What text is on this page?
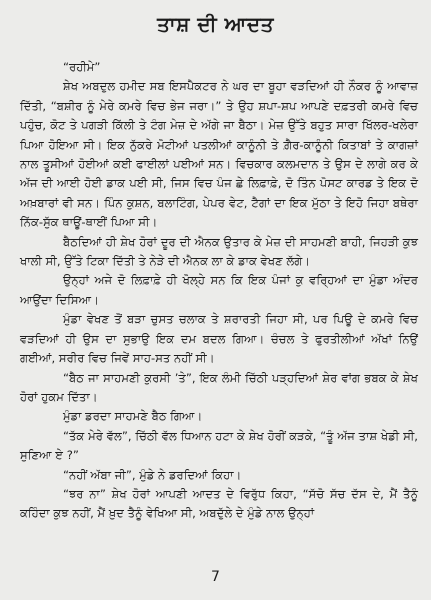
ਤਾਸ਼ ਦੀ ਆਦਤ

“ਰਹੀਮੇ”

ਸ਼ੇਖ ਅਬਦੁਲ ਹਮੀਦ ਸਬ ਇਸਪੈਕਟਰ ਨੇ ਘਰ ਦਾ ਬੂਹਾ ਵੜਦਿਆਂ ਹੀ ਨੌਕਰ ਨੂੰ ਆਵਾਜ਼ ਦਿੱਤੀ, “ਬਸ਼ੀਰ ਨੂੰ ਮੇਰੇ ਕਮਰੇ ਵਿਚ ਭੇਜ ਜਰਾ।” ਤੇ ਉਹ ਸ਼ਪਾ-ਸ਼ਪ ਆਪਣੇ ਦਫ਼ਤਰੀ ਕਮਰੇ ਵਿਚ ਪਹੁੰਚ, ਕੋਟ ਤੇ ਪਗੜੀ ਕਿੱਲੀ ਤੇ ਟੰਗ ਮੇਜ਼ ਦੇ ਅੱਗੇ ਜਾ ਬੈਠਾ। ਮੇਜ਼ ਉੱਤੇ ਬਹੁਤ ਸਾਰਾ ਖਿੱਲਰ-ਖਲੇਰਾ ਪਿਆ ਹੋਇਆ ਸੀ। ਇਕ ਨੁੱਕਰੇ ਮੋਟੀਆਂ ਪਤਲੀਆਂ ਕਾਨੂੰਨੀ ਤੇ ਗ਼ੈਰ-ਕਾਨੂੰਨੀ ਕਿਤਾਬਾਂ ਤੇ ਕਾਗਜ਼ਾਂ ਨਾਲ ਤੂਸੀਆਂ ਹੋਈਆਂ ਕਈ ਫਾਈਲਾਂ ਪਈਆਂ ਸਨ। ਵਿਚਕਾਰ ਕਲਮਦਾਨ ਤੇ ਉਸ ਦੇ ਲਾਗੇ ਕਰ ਕੇ ਅੱਜ ਦੀ ਆਈ ਹੋਈ ਡਾਕ ਪਈ ਸੀ, ਜਿਸ ਵਿਚ ਪੰਜ ਛੇ ਲਿਫ਼ਾਫ਼ੇ, ਦੋ ਤਿੰਨ ਪੋਸਟ ਕਾਰਡ ਤੇ ਇਕ ਦੋ ਅਖ਼ਬਾਰਾਂ ਵੀ ਸਨ। ਪਿੰਨ ਕੁਸ਼ਨ, ਬਲਾਟਿੰਗ, ਪੇਪਰ ਵੇਟ, ਟੈਗਾਂ ਦਾ ਇਕ ਮੁੱਠਾ ਤੇ ਇਹੋ ਜਿਹਾ ਬਥੇਰਾ ਨਿੱਕ-ਸੁੱਕ ਥਾਊਂ-ਥਾਈਂ ਪਿਆ ਸੀ।

ਬੈਠਦਿਆਂ ਹੀ ਸ਼ੇਖ ਹੋਰਾਂ ਦੂਰ ਦੀ ਐਨਕ ਉਤਾਰ ਕੇ ਮੇਜ਼ ਦੀ ਸਾਹਮਣੀ ਬਾਹੀ, ਜਿਹੜੀ ਕੁਝ ਖਾਲੀ ਸੀ, ਉੱਤੇ ਟਿਕਾ ਦਿੱਤੀ ਤੇ ਨੇੜੇ ਦੀ ਐਨਕ ਲਾ ਕੇ ਡਾਕ ਵੇਖਣ ਲੱਗੇ।

ਉਨ੍ਹਾਂ ਅਜੇ ਦੋ ਲਿਫ਼ਾਫ਼ੇ ਹੀ ਖੋਲ੍ਹੇ ਸਨ ਕਿ ਇਕ ਪੰਜਾਂ ਕੁ ਵਰ੍ਹਿਆਂ ਦਾ ਮੁੰਡਾ ਅੰਦਰ ਆਉਂਦਾ ਦਿਸਿਆ।

ਮੁੰਡਾ ਵੇਖਣ ਤੋਂ ਬੜਾ ਚੁਸਤ ਚਲਾਕ ਤੇ ਸ਼ਰਾਰਤੀ ਜਿਹਾ ਸੀ, ਪਰ ਪਿਊ ਦੇ ਕਮਰੇ ਵਿਚ ਵੜਦਿਆਂ ਹੀ ਉਸ ਦਾ ਸੁਭਾਉ ਇਕ ਦਮ ਬਦਲ ਗਿਆ। ਚੰਚਲ ਤੇ ਫੁਰਤੀਲੀਆਂ ਅੱਖਾਂ ਨਿਉਂ ਗਈਆਂ, ਸਰੀਰ ਵਿਚ ਜਿਵੇਂ ਸਾਹ-ਸਤ ਨਹੀਂ ਸੀ।

“ਬੈਠ ਜਾ ਸਾਹਮਣੀ ਕੁਰਸੀ ’ਤੇ”, ਇਕ ਲੰਮੀ ਚਿੱਠੀ ਪੜ੍ਹਦਿਆਂ ਸ਼ੇਰ ਵਾਂਗ ਭਬਕ ਕੇ ਸ਼ੇਖ ਹੋਰਾਂ ਹੁਕਮ ਦਿੱਤਾ।

ਮੁੰਡਾ ਡਰਦਾ ਸਾਹਮਣੇ ਬੈਠ ਗਿਆ।

“ਤੱਕ ਮੇਰੇ ਵੱਲ”, ਚਿੱਠੀ ਵੱਲ ਧਿਆਨ ਹਟਾ ਕੇ ਸ਼ੇਖ ਹੋਰੀਂ ਕੜਕੇ, “ਤੂੰ ਅੱਜ ਤਾਸ਼ ਖੇਡੀ ਸੀ, ਸੁਣਿਆ ਏ ?”

“ਨਹੀਂ ਅੱਬਾ ਜੀ”, ਮੁੰਡੇ ਨੇ ਡਰਦਿਆਂ ਕਿਹਾ।

“ਝਰ ਨਾ” ਸ਼ੇਖ ਹੋਰਾਂ ਆਪਣੀ ਆਦਤ ਦੇ ਵਿਰੁੱਧ ਕਿਹਾ, “ਸੱਚੋ ਸੱਚ ਦੱਸ ਦੇ, ਮੈਂ ਤੈਨੂੰ ਕਹਿੰਦਾ ਕੁਝ ਨਹੀਂ, ਮੈਂ ਖ਼ੁਦ ਤੈਨੂੰ ਵੇਖਿਆ ਸੀ, ਅਬਦੁੱਲੇ ਦੇ ਮੁੰਡੇ ਨਾਲ ਉਨ੍ਹਾਂ

7
